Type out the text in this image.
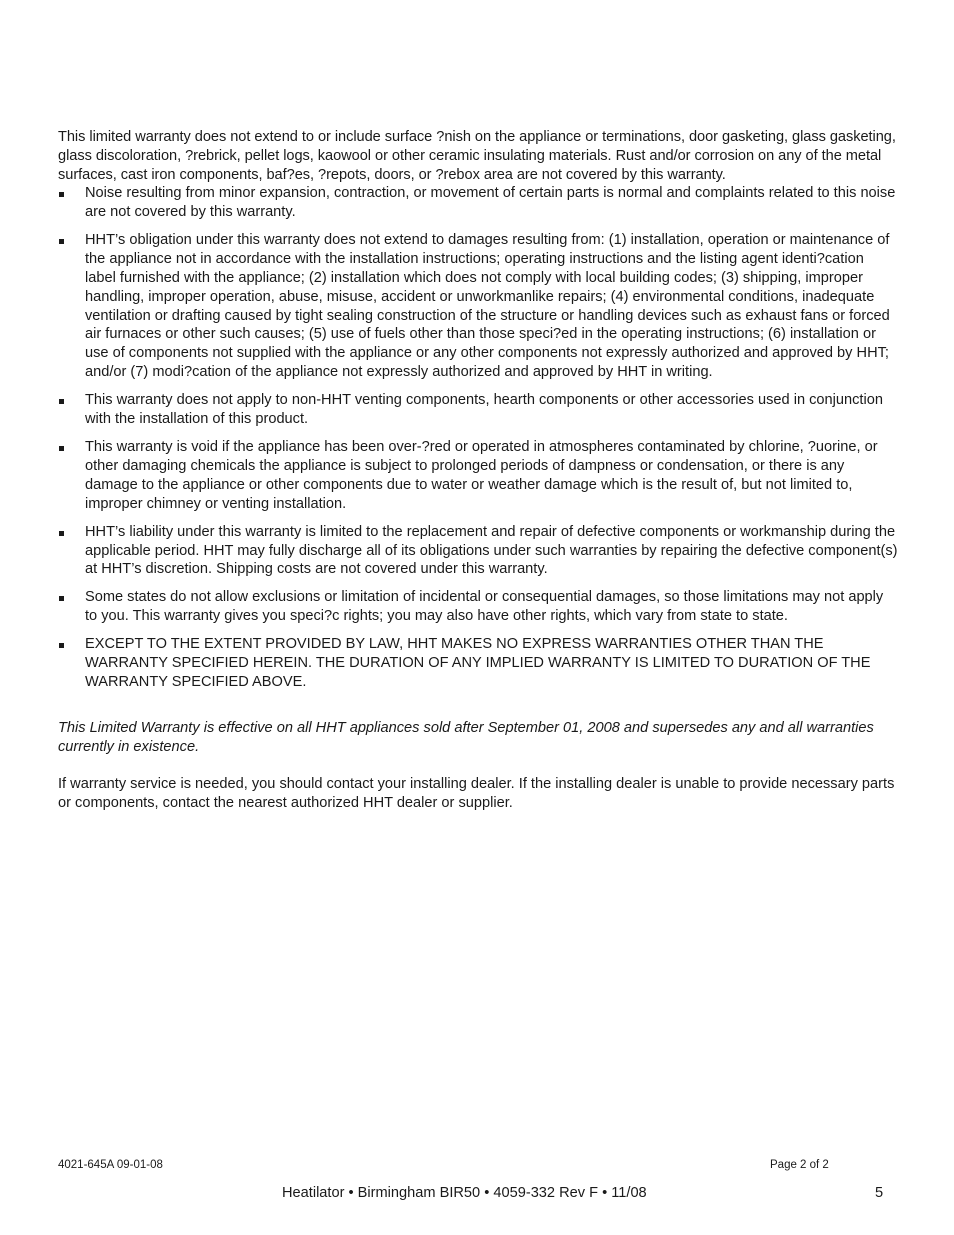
This limited warranty does not extend to or include surface ?nish on the appliance or terminations, door gasketing, glass gasketing, glass discoloration, ?rebrick, pellet logs, kaowool or other ceramic insulating materials. Rust and/or corrosion on any of the metal surfaces, cast iron components, baf?es, ?repots, doors, or ?rebox area are not covered by this warranty.

Noise resulting from minor expansion, contraction, or movement of certain parts is normal and complaints related to this noise are not covered by this warranty.
HHT’s obligation under this warranty does not extend to damages resulting from: (1) installation, operation or maintenance of the appliance not in accordance with the installation instructions; operating instructions and the listing agent identi?cation label furnished with the appliance; (2) installation which does not comply with local building codes; (3) shipping, improper handling, improper operation, abuse, misuse, accident or unworkmanlike repairs; (4) environmental conditions, inadequate ventilation or drafting caused by tight sealing construction of the structure or handling devices such as exhaust fans or forced air furnaces or other such causes; (5) use of fuels other than those speci?ed in the operating instructions; (6) installation or use of components not supplied with the appliance or any other components not expressly authorized and approved by HHT; and/or (7) modi?cation of the appliance not expressly authorized and approved by HHT in writing.
This warranty does not apply to non-HHT venting components, hearth components or other accessories used in conjunction with the installation of this product.
This warranty is void if the appliance has been over-?red or operated in atmospheres contaminated by chlorine, ?uorine, or other damaging chemicals the appliance is subject to prolonged periods of dampness or condensation, or there is any damage to the appliance or other components due to water or weather damage which is the result of, but not limited to, improper chimney or venting installation.
HHT’s liability under this warranty is limited to the replacement and repair of defective components or workmanship during the applicable period. HHT may fully discharge all of its obligations under such warranties by repairing the defective component(s) at HHT’s discretion. Shipping costs are not covered under this warranty.
Some states do not allow exclusions or limitation of incidental or consequential damages, so those limitations may not apply to you. This warranty gives you speci?c rights; you may also have other rights, which vary from state to state.
EXCEPT TO THE EXTENT PROVIDED BY LAW, HHT MAKES NO EXPRESS WARRANTIES OTHER THAN THE WARRANTY SPECIFIED HEREIN. THE DURATION OF ANY IMPLIED WARRANTY IS LIMITED TO DURATION OF THE WARRANTY SPECIFIED ABOVE.

This Limited Warranty is effective on all HHT appliances sold after September 01, 2008 and supersedes any and all warranties currently in existence.

If warranty service is needed, you should contact your installing dealer. If the installing dealer is unable to provide necessary parts or components, contact the nearest authorized HHT dealer or supplier.

4021-645A 09-01-08	Page 2 of 2
Heatilator • Birmingham BIR50 • 4059-332 Rev F • 11/08	5
